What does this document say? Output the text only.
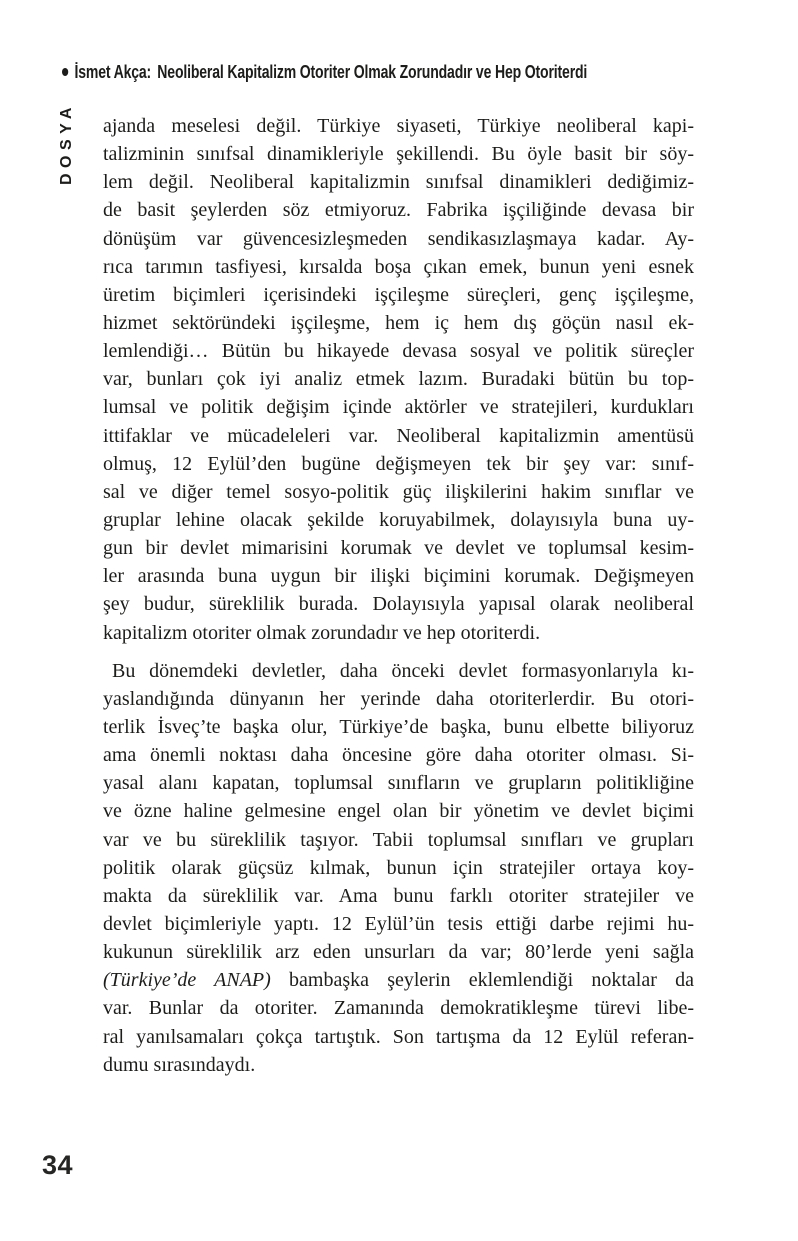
İsmet Akça: Neoliberal Kapitalizm Otoriter Olmak Zorundadır ve Hep Otoriterdi
DOSYA ajanda meselesi değil. Türkiye siyaseti, Türkiye neoliberal kapi-
talizminin sınıfsal dinamikleriyle şekillendi. Bu öyle basit bir söy-
lem değil. Neoliberal kapitalizmin sınıfsal dinamikleri dediğimiz-
de basit şeylerden söz etmiyoruz. Fabrika işçiliğinde devasa bir
dönüşüm var güvencesizleşmeden sendikasızlaşmaya kadar. Ay-
rıca tarımın tasfiyesi, kırsalda boşa çıkan emek, bunun yeni esnek
üretim biçimleri içerisindeki işçileşme süreçleri, genç işçileşme,
hizmet sektöründeki işçileşme, hem iç hem dış göçün nasıl ek-
lemlendiği… Bütün bu hikayede devasa sosyal ve politik süreçler
var, bunları çok iyi analiz etmek lazım. Buradaki bütün bu top-
lumsal ve politik değişim içinde aktörler ve stratejileri, kurdukları
ittifaklar ve mücadeleleri var. Neoliberal kapitalizmin amentüsü
olmuş, 12 Eylül’den bugüne değişmeyen tek bir şey var: sınıf-
sal ve diğer temel sosyo-politik güç ilişkilerini hakim sınıflar ve
gruplar lehine olacak şekilde koruyabilmek, dolayısıyla buna uy-
gun bir devlet mimarisini korumak ve devlet ve toplumsal kesim-
ler arasında buna uygun bir ilişki biçimini korumak. Değişmeyen
şey budur, süreklilik burada. Dolayısıyla yapısal olarak neoliberal
kapitalizm otoriter olmak zorundadır ve hep otoriterdi.
Bu dönemdeki devletler, daha önceki devlet formasyonlarıyla kı-
yaslandığında dünyanın her yerinde daha otoriterlerdir. Bu otori-
terlik İsveç’te başka olur, Türkiye’de başka, bunu elbette biliyoruz
ama önemli noktası daha öncesine göre daha otoriter olması. Si-
yasal alanı kapatan, toplumsal sınıfların ve grupların politikliğine
ve özne haline gelmesine engel olan bir yönetim ve devlet biçimi
var ve bu süreklilik taşıyor. Tabii toplumsal sınıfları ve grupları
politik olarak güçsüz kılmak, bunun için stratejiler ortaya koy-
makta da süreklilik var. Ama bunu farklı otoriter stratejiler ve
devlet biçimleriyle yaptı. 12 Eylül’ün tesis ettiği darbe rejimi hu-
kukunun süreklilik arz eden unsurları da var; 80’lerde yeni sağla
(Türkiye’de ANAP) bambaşka şeylerin eklemlendiği noktalar da
var. Bunlar da otoriter. Zamanında demokratikleşme türevi libe-
ral yanılsamaları çokça tartıştık. Son tartışma da 12 Eylül referan-
dumu sırasındaydı.
34
